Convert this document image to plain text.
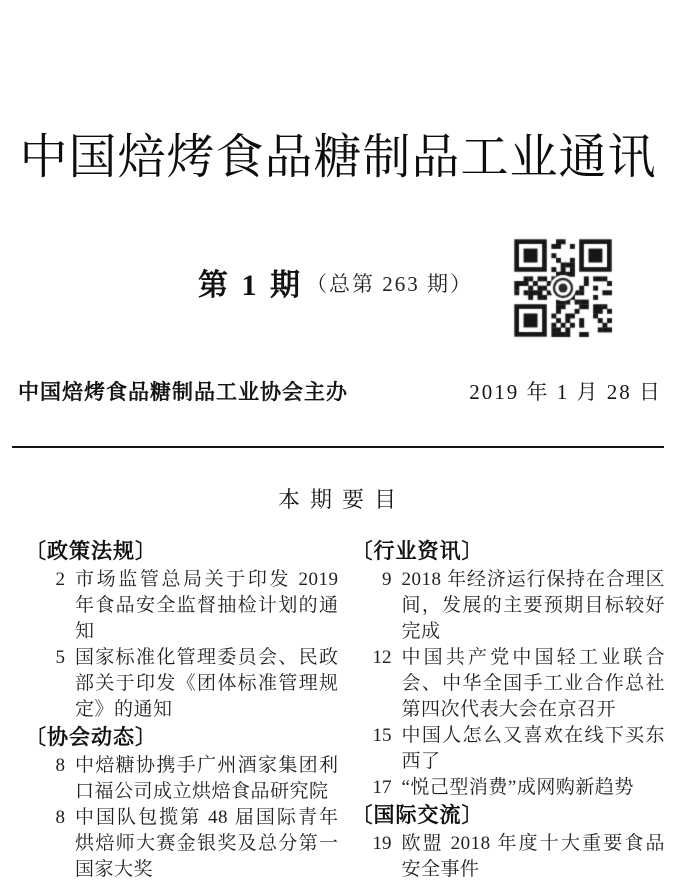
中国焙烤食品糖制品工业通讯
第 1 期 （总第 263 期）
中国焙烤食品糖制品工业协会主办	2019 年 1 月 28 日
本 期 要 目
〔政策法规〕
2 市场监管总局关于印发 2019 年食品安全监督抽检计划的通知
5 国家标准化管理委员会、民政部关于印发《团体标准管理规定》的通知
〔协会动态〕
8 中焙糖协携手广州酒家集团利口福公司成立烘焙食品研究院
8 中国队包揽第 48 届国际青年烘焙师大赛金银奖及总分第一国家大奖
〔行业资讯〕
9 2018 年经济运行保持在合理区间，发展的主要预期目标较好完成
12 中国共产党中国轻工业联合会、中华全国手工业合作总社第四次代表大会在京召开
15 中国人怎么又喜欢在线下买东西了
17 “悦己型消费”成网购新趋势
〔国际交流〕
19 欧盟 2018 年度十大重要食品安全事件
